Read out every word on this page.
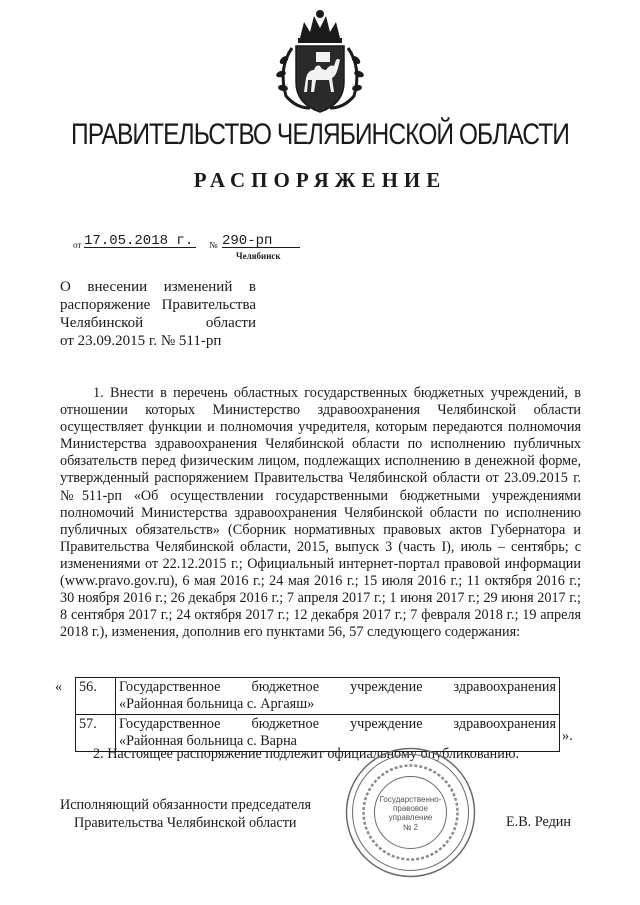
ПРАВИТЕЛЬСТВО ЧЕЛЯБИНСКОЙ ОБЛАСТИ
РАСПОРЯЖЕНИЕ
от 17.05.2018 г.	№ 290-рп
Челябинск
О внесении изменений в
распоряжение Правительства
Челябинской области
от 23.09.2015 г. № 511-рп

1. Внести в перечень областных государственных бюджетных учреждений, в отношении которых Министерство здравоохранения Челябинской области осуществляет функции и полномочия учредителя, которым передаются полномочия Министерства здравоохранения Челябинской области по исполнению публичных обязательств перед физическим лицом, подлежащих исполнению в денежной форме, утвержденный распоряжением Правительства Челябинской области от 23.09.2015 г. №511-рп «Об осуществлении государственными бюджетными учреждениями полномочий Министерства здравоохранения Челябинской области по исполнению публичных обязательств» (Сборник нормативных правовых актов Губернатора и Правительства Челябинской области, 2015, выпуск 3 (часть I), июль – сентябрь; с изменениями от 22.12.2015 г.; Официальный интернет-портал правовой информации (www.pravo.gov.ru), 6 мая 2016 г.; 24 мая 2016 г.; 15 июля 2016 г.; 11 октября 2016 г.; 30 ноября 2016 г.; 26 декабря 2016 г.; 7 апреля 2017 г.; 1 июня 2017 г.; 29 июня 2017 г.; 8 сентября 2017 г.; 24 октября 2017 г.; 12 декабря 2017 г.; 7 февраля 2018 г.; 19 апреля 2018 г.), изменения, дополнив его пунктами 56, 57 следующего содержания:

«
».
56.	Государственное бюджетное учреждение здравоохранения
«Районная больница с. Аргаяш»

57.	Государственное бюджетное учреждение здравоохранения
«Районная больница с. Варна
2. Настоящее распоряжение подлежит официальному опубликованию.
Государственно-
правовое
управление
№ 2
Исполняющий обязанности председателя
Правительства Челябинской области	Е.В. Редин
